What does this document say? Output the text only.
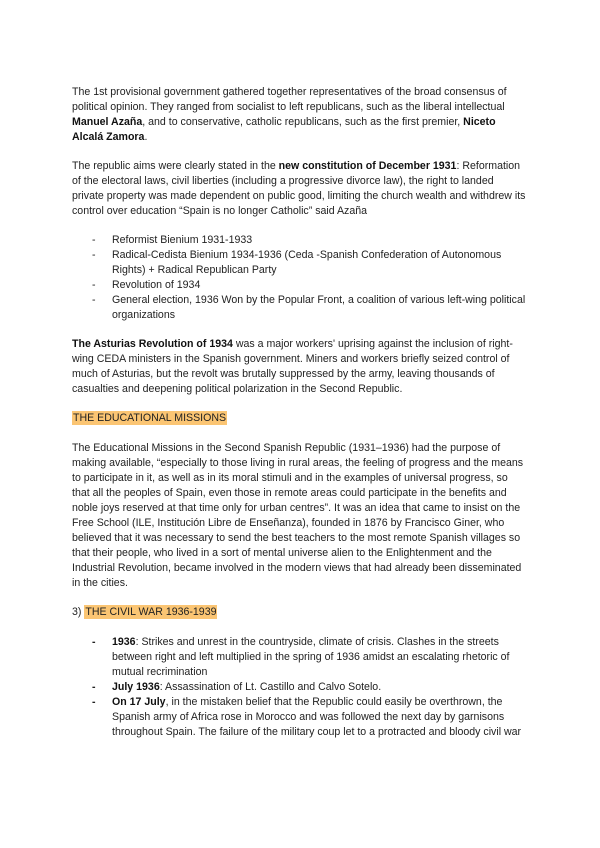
The 1st provisional government gathered together representatives of the broad consensus of political opinion. They ranged from socialist to left republicans, such as the liberal intellectual Manuel Azaña, and to conservative, catholic republicans, such as the first premier, Niceto Alcalá Zamora.

The republic aims were clearly stated in the new constitution of December 1931: Reformation of the electoral laws, civil liberties (including a progressive divorce law), the right to landed private property was made dependent on public good, limiting the church wealth and withdrew its control over education “Spain is no longer Catholic” said Azaña

- Reformist Bienium 1931-1933
- Radical-Cedista Bienium 1934-1936 (Ceda -Spanish Confederation of Autonomous Rights) + Radical Republican Party
- Revolution of 1934
- General election, 1936 Won by the Popular Front, a coalition of various left-wing political organizations

The Asturias Revolution of 1934 was a major workers' uprising against the inclusion of right-wing CEDA ministers in the Spanish government. Miners and workers briefly seized control of much of Asturias, but the revolt was brutally suppressed by the army, leaving thousands of casualties and deepening political polarization in the Second Republic.

THE EDUCATIONAL MISSIONS

The Educational Missions in the Second Spanish Republic (1931–1936) had the purpose of making available, “especially to those living in rural areas, the feeling of progress and the means to participate in it, as well as in its moral stimuli and in the examples of universal progress, so that all the peoples of Spain, even those in remote areas could participate in the benefits and noble joys reserved at that time only for urban centres”. It was an idea that came to insist on the Free School (ILE, Institución Libre de Enseñanza), founded in 1876 by Francisco Giner, who believed that it was necessary to send the best teachers to the most remote Spanish villages so that their people, who lived in a sort of mental universe alien to the Enlightenment and the Industrial Revolution, became involved in the modern views that had already been disseminated in the cities.

3) THE CIVIL WAR 1936-1939

- 1936: Strikes and unrest in the countryside, climate of crisis. Clashes in the streets between right and left multiplied in the spring of 1936 amidst an escalating rhetoric of mutual recrimination
- July 1936: Assassination of Lt. Castillo and Calvo Sotelo.
- On 17 July, in the mistaken belief that the Republic could easily be overthrown, the Spanish army of Africa rose in Morocco and was followed the next day by garnisons throughout Spain. The failure of the military coup let to a protracted and bloody civil war
